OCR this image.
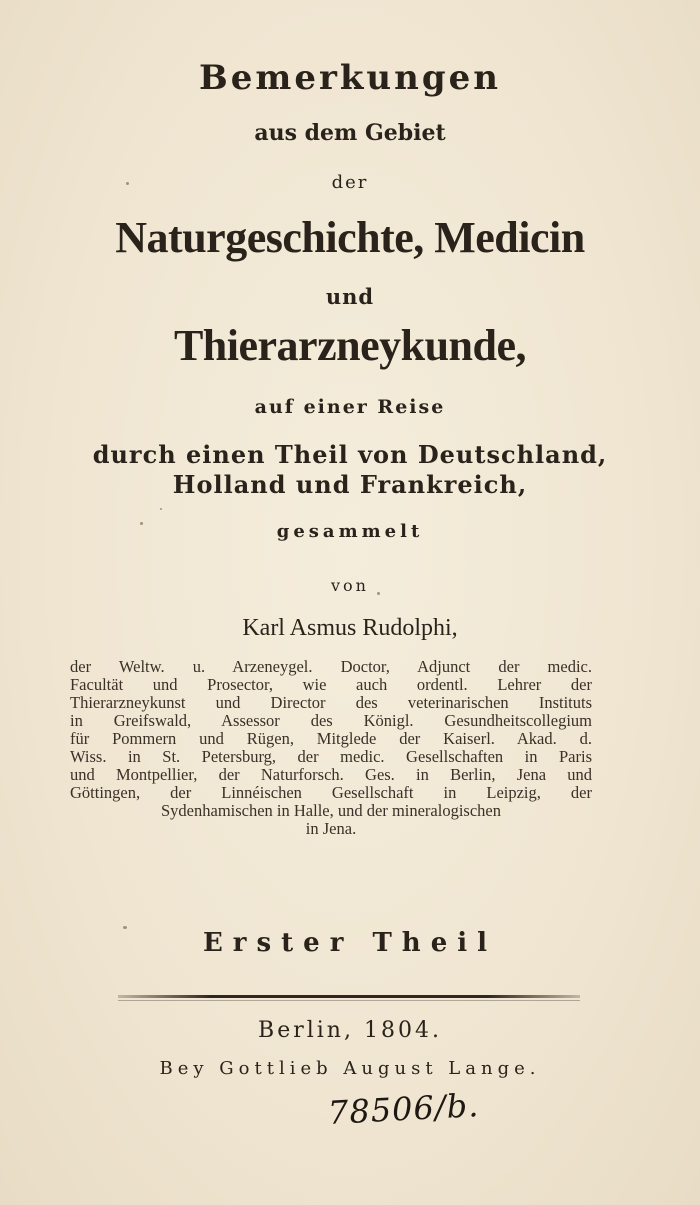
Bemerkungen
aus dem Gebiet
der
Naturgeschichte, Medicin
und
Thierarzneykunde,
auf einer Reise
durch einen Theil von Deutschland,
Holland und Frankreich,
gesammelt
von
Karl Asmus Rudolphi,
der Weltw. u. Arzeneygel. Doctor, Adjunct der medic.
Facultät und Prosector, wie auch ordentl. Lehrer der
Thierarzneykunst und Director des veterinarischen Instituts
in Greifswald, Assessor des Königl. Gesundheitscollegium
für Pommern und Rügen, Mitglede der Kaiserl. Akad. d.
Wiss. in St. Petersburg, der medic. Gesellschaften in Paris
und Montpellier, der Naturforsch. Ges. in Berlin, Jena und
Göttingen, der Linnéischen Gesellschaft in Leipzig, der
Sydenhamischen in Halle, und der mineralogischen
in Jena.
Erster Theil
Berlin, 1804.
Bey Gottlieb August Lange.
78506/b.
